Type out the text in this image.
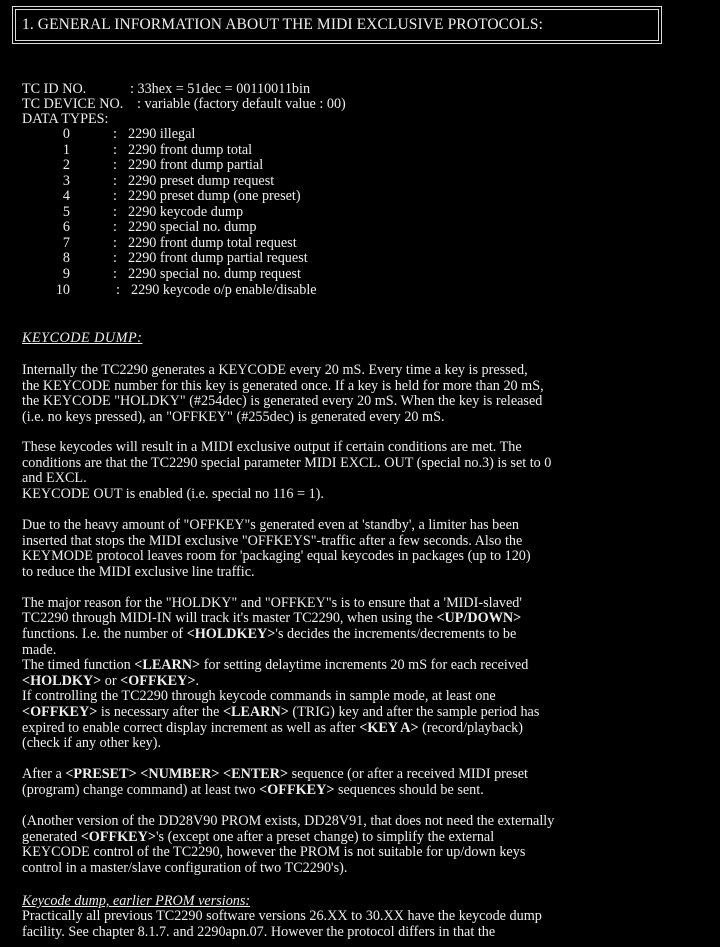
1. GENERAL INFORMATION ABOUT THE MIDI EXCLUSIVE PROTOCOLS:
TC ID NO.	: 33hex = 51dec = 00110011bin
TC DEVICE NO. : variable (factory default value : 00)
DATA TYPES:
0	: 2290 illegal
1	: 2290 front dump total
2	: 2290 front dump partial
3	: 2290 preset dump request
4	: 2290 preset dump (one preset)
5	: 2290 keycode dump
6	: 2290 special no. dump
7	: 2290 front dump total request
8	: 2290 front dump partial request
9	: 2290 special no. dump request
10	: 2290 keycode o/p enable/disable
KEYCODE DUMP:
Internally the TC2290 generates a KEYCODE every 20 mS. Every time a key is pressed,
the KEYCODE number for this key is generated once. If a key is held for more than 20 mS,
the KEYCODE "HOLDKY" (#254dec) is generated every 20 mS. When the key is released
(i.e. no keys pressed), an "OFFKEY" (#255dec) is generated every 20 mS.
These keycodes will result in a MIDI exclusive output if certain conditions are met. The
conditions are that the TC2290 special parameter MIDI EXCL. OUT (special no.3) is set to 0
and EXCL.
KEYCODE OUT is enabled (i.e. special no 116 = 1).
Due to the heavy amount of "OFFKEY"s generated even at 'standby', a limiter has been
inserted that stops the MIDI exclusive "OFFKEYS"-traffic after a few seconds. Also the
KEYMODE protocol leaves room for 'packaging' equal keycodes in packages (up to 120)
to reduce the MIDI exclusive line traffic.
The major reason for the "HOLDKY" and "OFFKEY"s is to ensure that a 'MIDI-slaved'
TC2290 through MIDI-IN will track it's master TC2290, when using the <UP/DOWN>
functions. I.e. the number of <HOLDKEY>'s decides the increments/decrements to be
made.
The timed function <LEARN> for setting delaytime increments 20 mS for each received
<HOLDKY> or <OFFKEY>.
If controlling the TC2290 through keycode commands in sample mode, at least one
<OFFKEY> is necessary after the <LEARN> (TRIG) key and after the sample period has
expired to enable correct display increment as well as after <KEY A> (record/playback)
(check if any other key).
After a <PRESET> <NUMBER> <ENTER> sequence (or after a received MIDI preset
(program) change command) at least two <OFFKEY> sequences should be sent.
(Another version of the DD28V90 PROM exists, DD28V91, that does not need the externally
generated <OFFKEY>'s (except one after a preset change) to simplify the external
KEYCODE control of the TC2290, however the PROM is not suitable for up/down keys
control in a master/slave configuration of two TC2290's).
Keycode dump, earlier PROM versions:
Practically all previous TC2290 software versions 26.XX to 30.XX have the keycode dump
facility. See chapter 8.1.7. and 2290apn.07. However the protocol differs in that the
